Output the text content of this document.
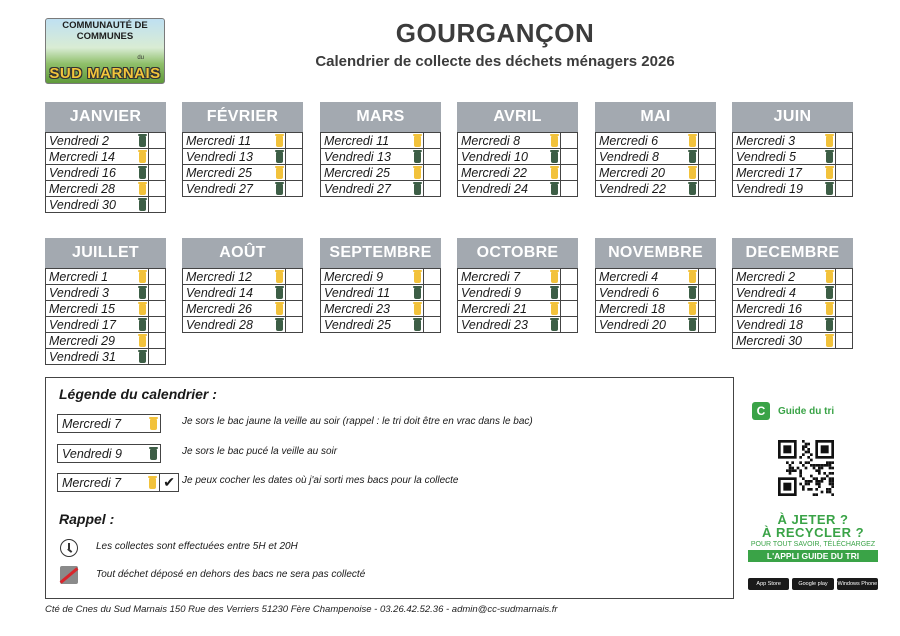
COMMUNAUTÉ DE
COMMUNES
du
SUD MARNAIS
GOURGANÇON
Calendrier de collecte des déchets ménagers 2026
JANVIER
Vendredi 2		
Mercredi 14		
Vendredi 16		
Mercredi 28		
Vendredi 30		
FÉVRIER
Mercredi 11		
Vendredi 13		
Mercredi 25		
Vendredi 27		
MARS
Mercredi 11		
Vendredi 13		
Mercredi 25		
Vendredi 27		
AVRIL
Mercredi 8		
Vendredi 10		
Mercredi 22		
Vendredi 24		
MAI
Mercredi 6		
Vendredi 8		
Mercredi 20		
Vendredi 22		
JUIN
Mercredi 3		
Vendredi 5		
Mercredi 17		
Vendredi 19		
JUILLET
Mercredi 1		
Vendredi 3		
Mercredi 15		
Vendredi 17		
Mercredi 29		
Vendredi 31		
AOÛT
Mercredi 12		
Vendredi 14		
Mercredi 26		
Vendredi 28		
SEPTEMBRE
Mercredi 9		
Vendredi 11		
Mercredi 23		
Vendredi 25		
OCTOBRE
Mercredi 7		
Vendredi 9		
Mercredi 21		
Vendredi 23		
NOVEMBRE
Mercredi 4		
Vendredi 6		
Mercredi 18		
Vendredi 20		
DECEMBRE
Mercredi 2		
Vendredi 4		
Mercredi 16		
Vendredi 18		
Mercredi 30		
Légende du calendrier :
Mercredi 7	Je sors le bac jaune la veille au soir (rappel : le tri doit être en vrac dans le bac)
Vendredi 9	Je sors le bac pucé la veille au soir
Mercredi 7	✔ Je peux cocher les dates où j'ai sorti mes bacs pour la collecte
Rappel :
Les collectes sont effectuées entre 5H et 20H
Tout déchet déposé en dehors des bacs ne sera pas collecté
C	Guide du tri
À JETER ?
À RECYCLER ?
POUR TOUT SAVOIR, TÉLÉCHARGEZ
L'APPLI GUIDE DU TRI
App Store	Google play	Windows Phone
Cté de Cnes du Sud Marnais 150 Rue des Verriers 51230 Fère Champenoise - 03.26.42.52.36 - admin@cc-sudmarnais.fr
